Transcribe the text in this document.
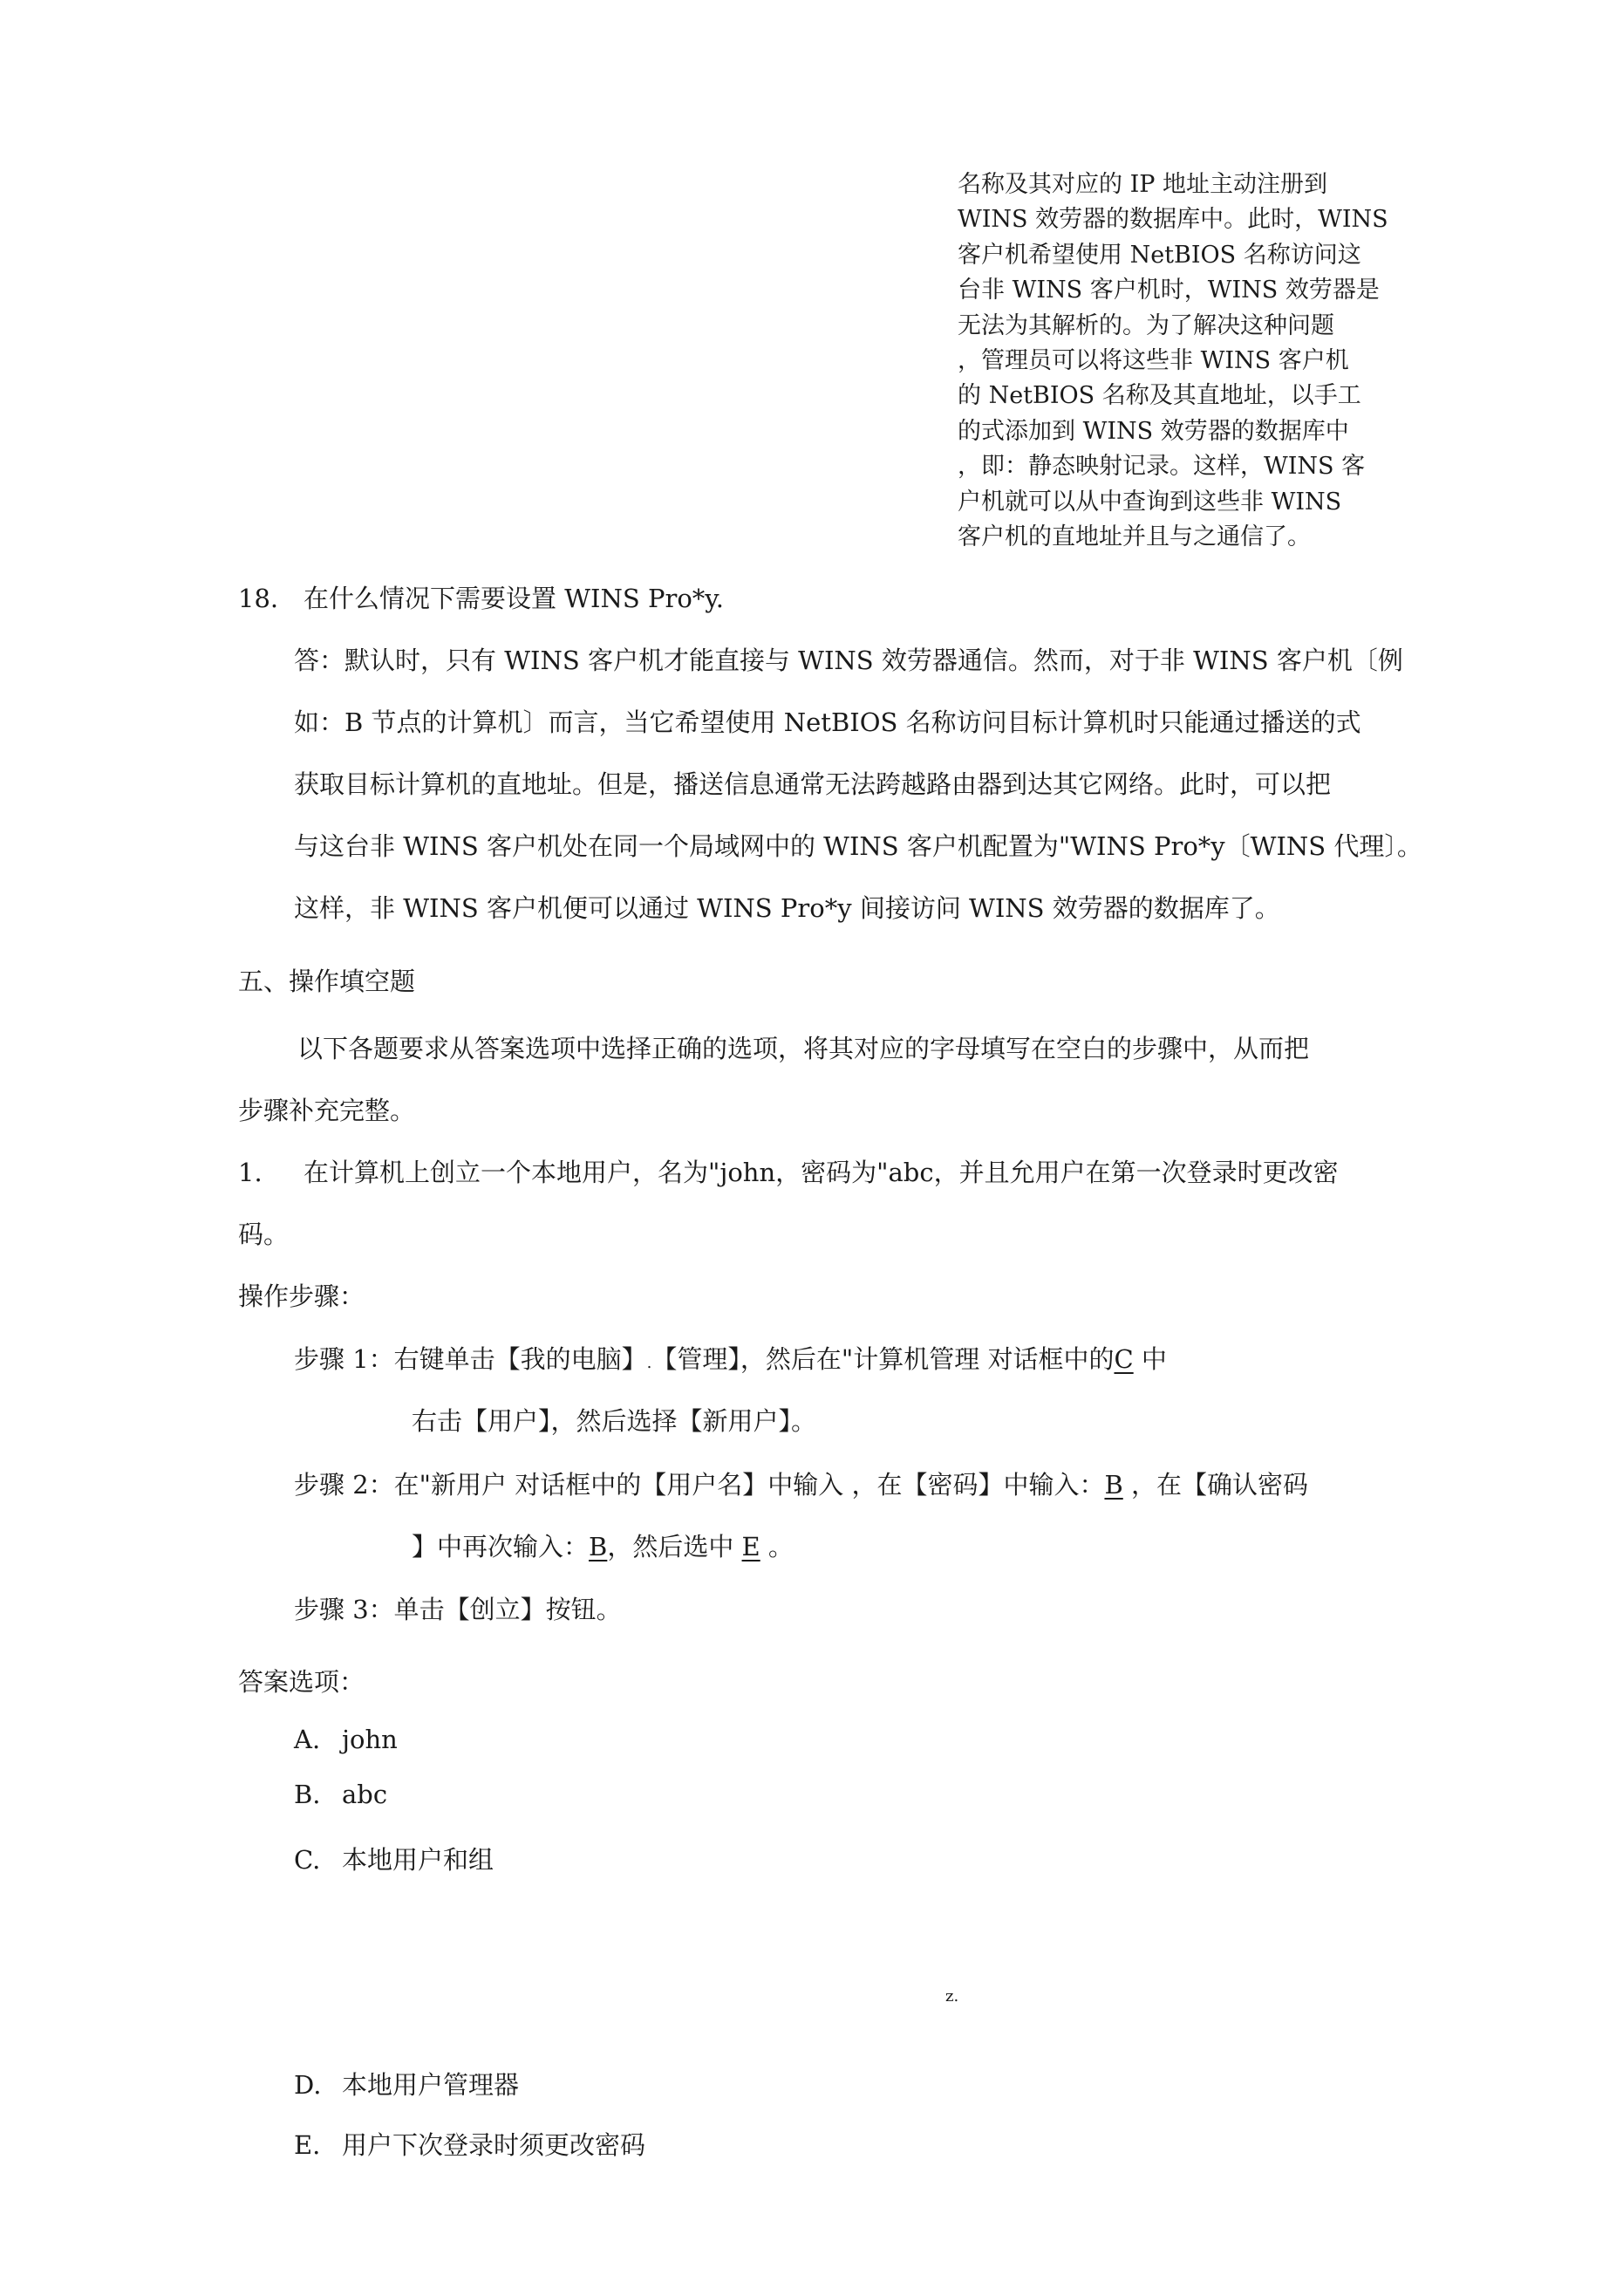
名称及其对应的 IP 地址主动注册到
WINS 效劳器的数据库中。此时，WINS
客户机希望使用 NetBIOS 名称访问这
台非 WINS 客户机时，WINS 效劳器是
无法为其解析的。为了解决这种问题
，管理员可以将这些非 WINS 客户机
的 NetBIOS 名称及其直地址，以手工
的式添加到 WINS 效劳器的数据库中
，即：静态映射记录。这样，WINS 客
户机就可以从中查询到这些非 WINS
客户机的直地址并且与之通信了。
18. 在什么情况下需要设置 WINS Pro*y.
答：默认时，只有 WINS 客户机才能直接与 WINS 效劳器通信。然而，对于非 WINS 客户机〔例
如：B 节点的计算机〕而言，当它希望使用 NetBIOS 名称访问目标计算机时只能通过播送的式
获取目标计算机的直地址。但是，播送信息通常无法跨越路由器到达其它网络。此时，可以把
与这台非 WINS 客户机处在同一个局域网中的 WINS 客户机配置为"WINS Pro*y〔WINS 代理〕。
这样，非 WINS 客户机便可以通过 WINS Pro*y 间接访问 WINS 效劳器的数据库了。
五、操作填空题
以下各题要求从答案选项中选择正确的选项，将其对应的字母填写在空白的步骤中，从而把
步骤补充完整。
1. 在计算机上创立一个本地用户，名为"john，密码为"abc，并且允用户在第一次登录时更改密
码。
操作步骤：
步骤 1：右键单击【我的电脑】.【管理】，然后在"计算机管理 对话框中的C 中
右击【用户】，然后选择【新用户】。
步骤 2：在"新用户 对话框中的【用户名】中输入 ，在【密码】中输入：B ，在【确认密码
】中再次输入：B，然后选中 E 。
步骤 3：单击【创立】按钮。
答案选项：
A. john
B. abc
C. 本地用户和组
z.
D. 本地用户管理器
E. 用户下次登录时须更改密码
